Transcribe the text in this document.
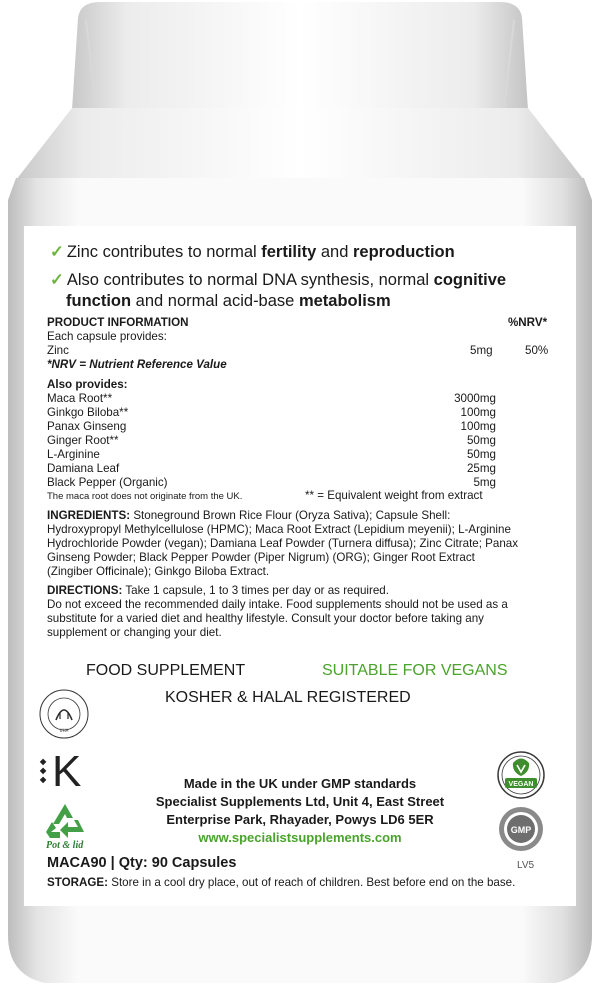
✓ Zinc contributes to normal fertility and reproduction
✓ Also contributes to normal DNA synthesis, normal cognitive
function and normal acid-base metabolism
PRODUCT INFORMATION	%NRV*
Each capsule provides:
Zinc	5mg	50%
*NRV = Nutrient Reference Value
Also provides:
Maca Root**	3000mg
Ginkgo Biloba**	100mg
Panax Ginseng	100mg
Ginger Root**	50mg
L-Arginine	50mg
Damiana Leaf	25mg
Black Pepper (Organic)	5mg
The maca root does not originate from the UK.	** = Equivalent weight from extract
INGREDIENTS: Stoneground Brown Rice Flour (Oryza Sativa); Capsule Shell:
Hydroxypropyl Methylcellulose (HPMC); Maca Root Extract (Lepidium meyenii); L-Arginine
Hydrochloride Powder (vegan); Damiana Leaf Powder (Turnera diffusa); Zinc Citrate; Panax
Ginseng Powder; Black Pepper Powder (Piper Nigrum) (ORG); Ginger Root Extract
(Zingiber Officinale); Ginkgo Biloba Extract.
DIRECTIONS: Take 1 capsule, 1 to 3 times per day or as required.
Do not exceed the recommended daily intake. Food supplements should not be used as a
substitute for a varied diet and healthy lifestyle. Consult your doctor before taking any
supplement or changing your diet.
FOOD SUPPLEMENT	SUITABLE FOR VEGANS
KOSHER & HALAL REGISTERED
UHA
◆
◆
◆ K
Pot & lid
Made in the UK under GMP standards
Specialist Supplements Ltd, Unit 4, East Street
Enterprise Park, Rhayader, Powys LD6 5ER
www.specialistsupplements.com
VEGAN
GMP
MACA90 | Qty: 90 Capsules	LV5
STORAGE: Store in a cool dry place, out of reach of children. Best before end on the base.
